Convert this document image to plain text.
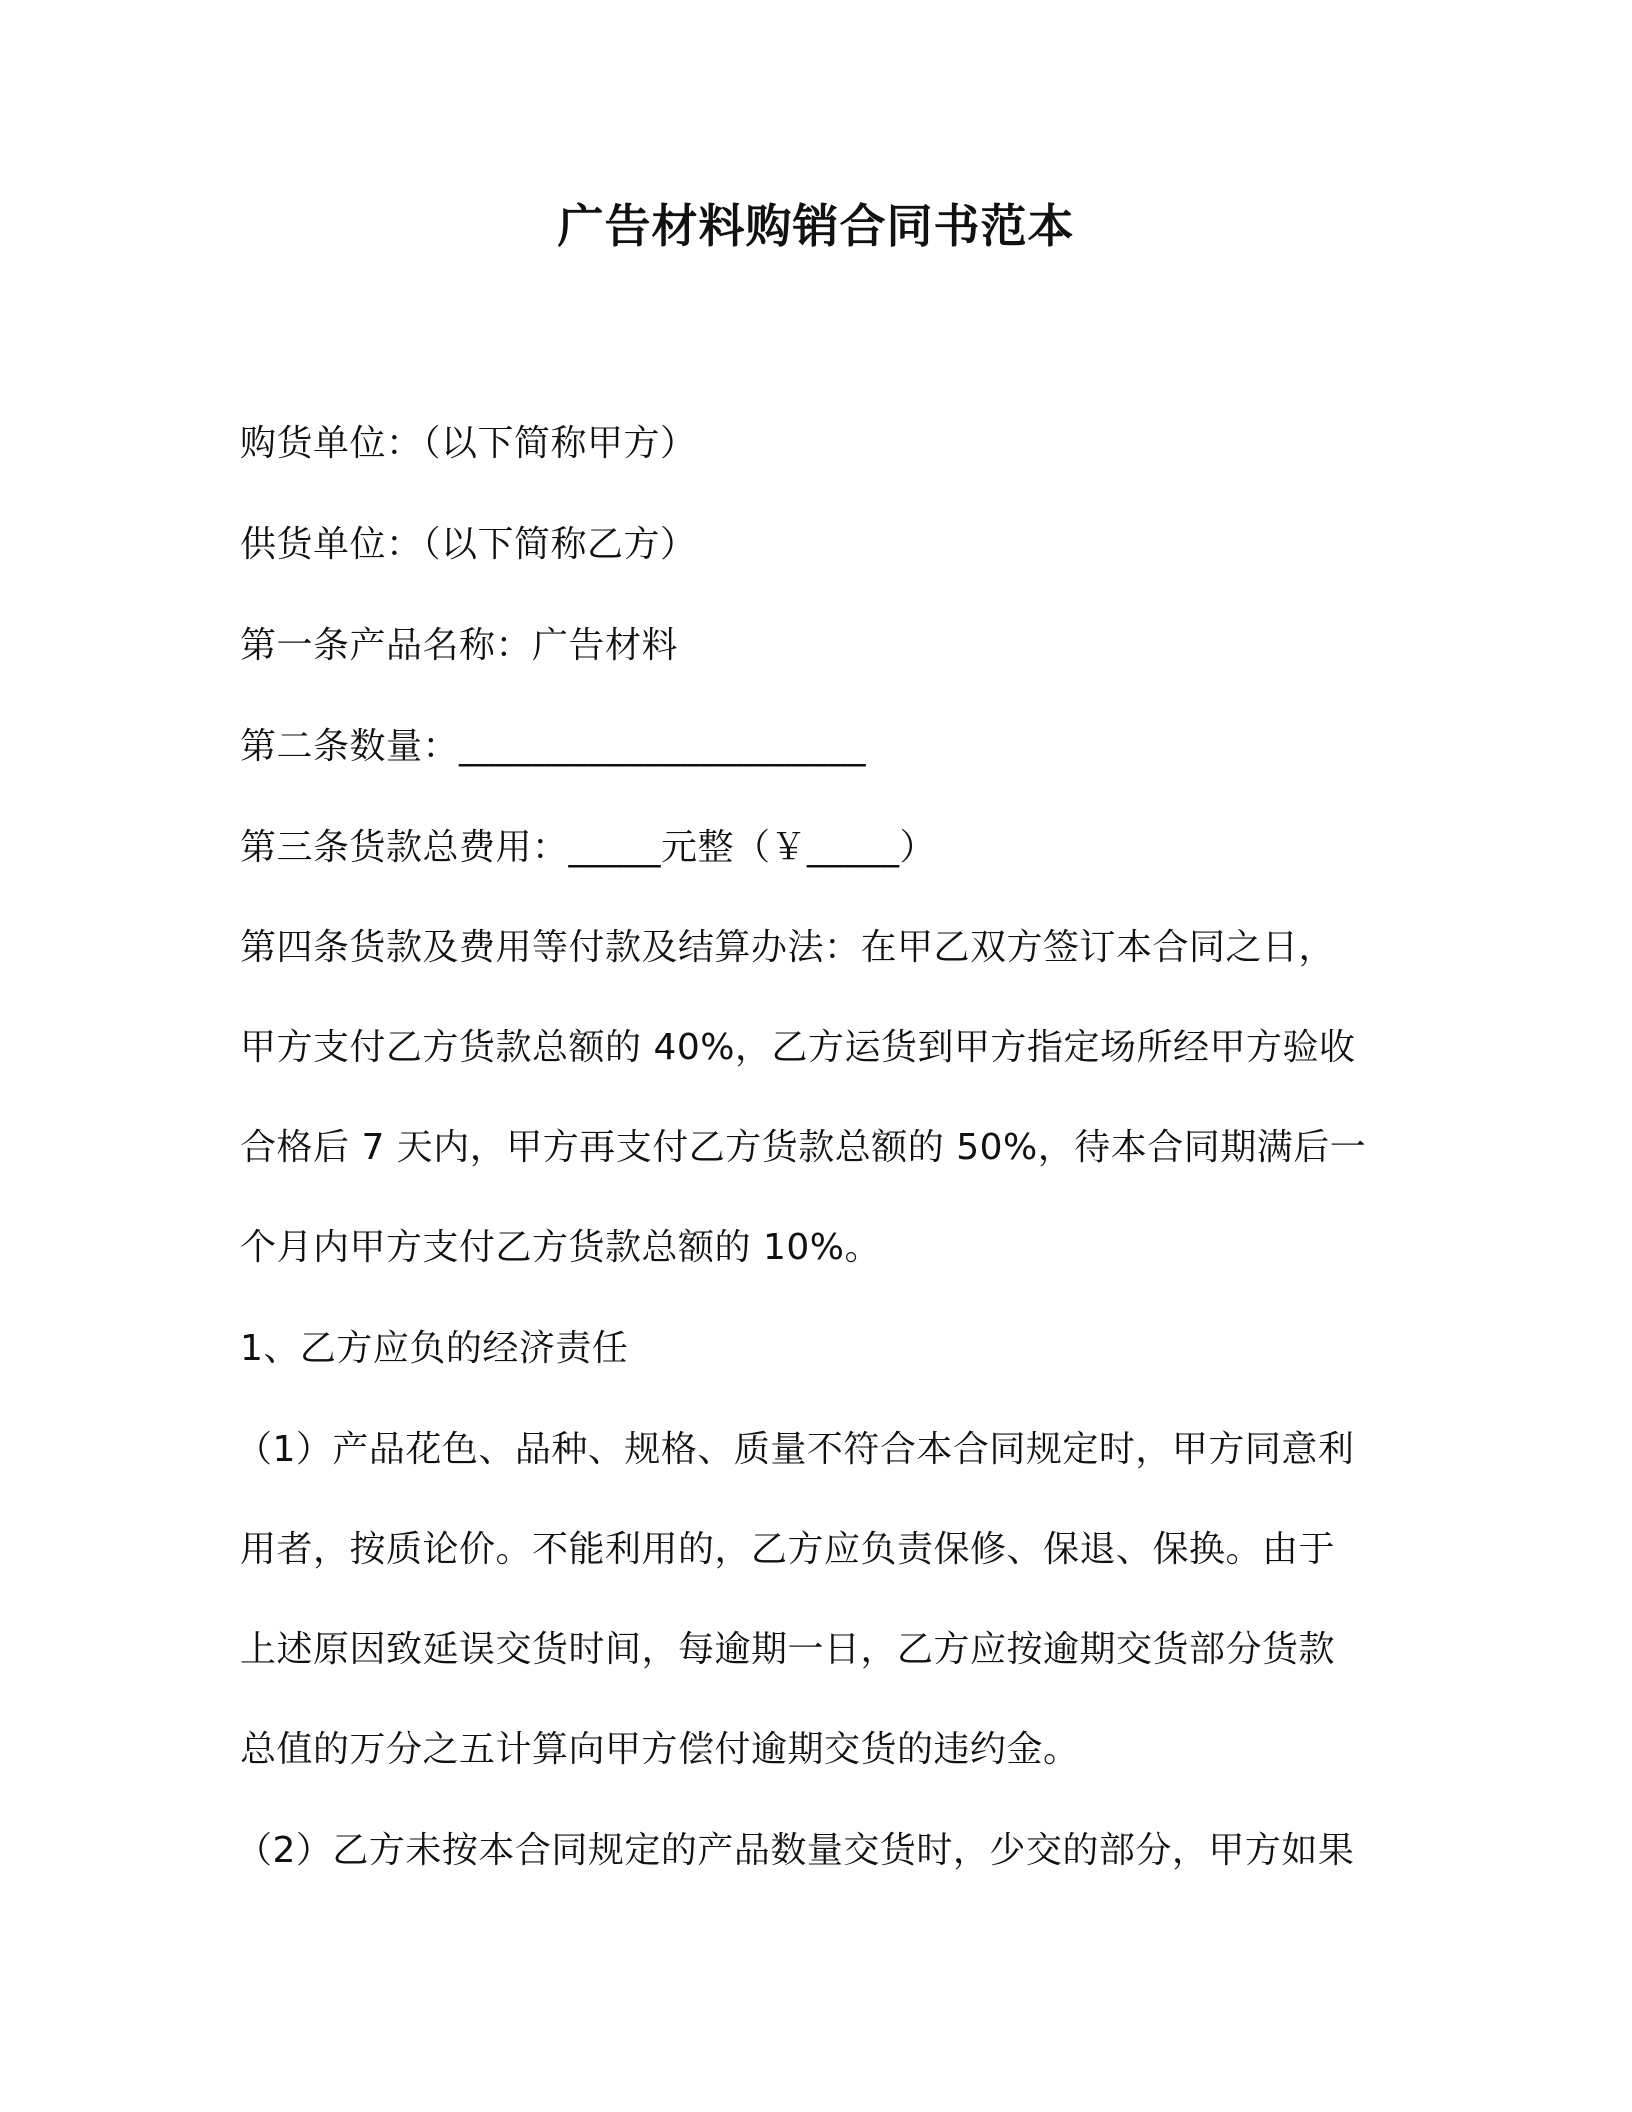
广告材料购销合同书范本
购货单位：（以下简称甲方）
供货单位：（以下简称乙方）
第一条产品名称：广告材料
第二条数量：______________________
第三条货款总费用：_____元整（￥_____）
第四条货款及费用等付款及结算办法：在甲乙双方签订本合同之日，
甲方支付乙方货款总额的 40%，乙方运货到甲方指定场所经甲方验收
合格后 7 天内，甲方再支付乙方货款总额的 50%，待本合同期满后一
个月内甲方支付乙方货款总额的 10%。
1、乙方应负的经济责任
（1）产品花色、品种、规格、质量不符合本合同规定时，甲方同意利
用者，按质论价。不能利用的，乙方应负责保修、保退、保换。由于
上述原因致延误交货时间，每逾期一日，乙方应按逾期交货部分货款
总值的万分之五计算向甲方偿付逾期交货的违约金。
（2）乙方未按本合同规定的产品数量交货时，少交的部分，甲方如果
